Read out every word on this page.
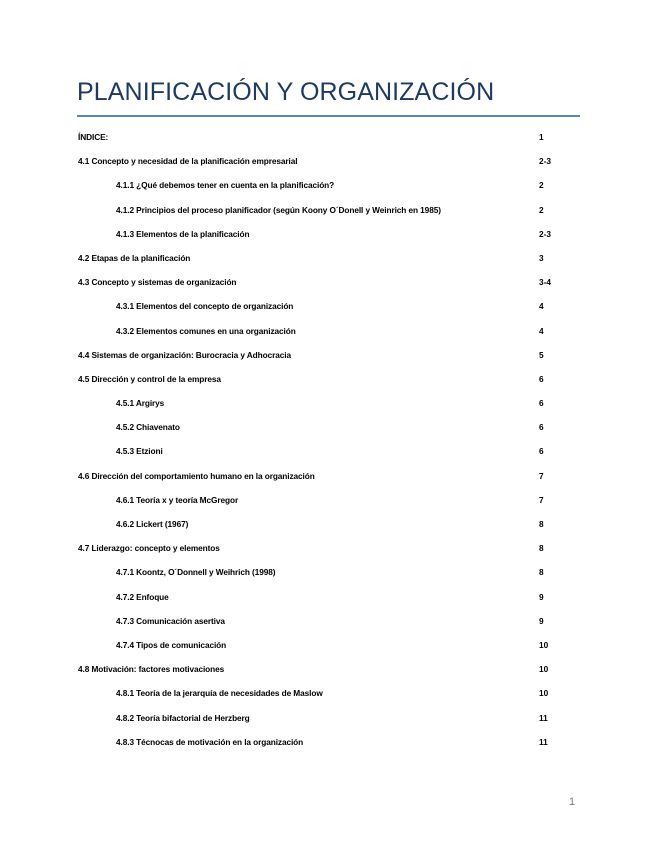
PLANIFICACIÓN Y ORGANIZACIÓN
ÍNDICE:	1
4.1 Concepto y necesidad de la planificación empresarial	2-3
4.1.1 ¿Qué debemos tener en cuenta en la planificación?	2
4.1.2 Principios del proceso planificador (según Koony O´Donell y Weinrich en 1985)	2
4.1.3 Elementos de la planificación	2-3
4.2 Etapas de la planificación	3
4.3 Concepto y sistemas de organización	3-4
4.3.1 Elementos del concepto de organización	4
4.3.2 Elementos comunes en una organización	4
4.4 Sistemas de organización: Burocracia y Adhocracia	5
4.5 Dirección y control de la empresa	6
4.5.1 Argirys	6
4.5.2 Chiavenato	6
4.5.3 Etzioni	6
4.6 Dirección del comportamiento humano en la organización	7
4.6.1 Teoría x y teoría McGregor	7
4.6.2 Lickert (1967)	8
4.7 Liderazgo: concepto y elementos	8
4.7.1 Koontz, O´Donnell y Weihrich (1998)	8
4.7.2 Enfoque	9
4.7.3 Comunicación asertiva	9
4.7.4 Tipos de comunicación	10
4.8 Motivación: factores motivaciones	10
4.8.1 Teoría de la jerarquía de necesidades de Maslow	10
4.8.2 Teoría bifactorial de Herzberg	11
4.8.3 Técnocas de motivación en la organización	11
1
